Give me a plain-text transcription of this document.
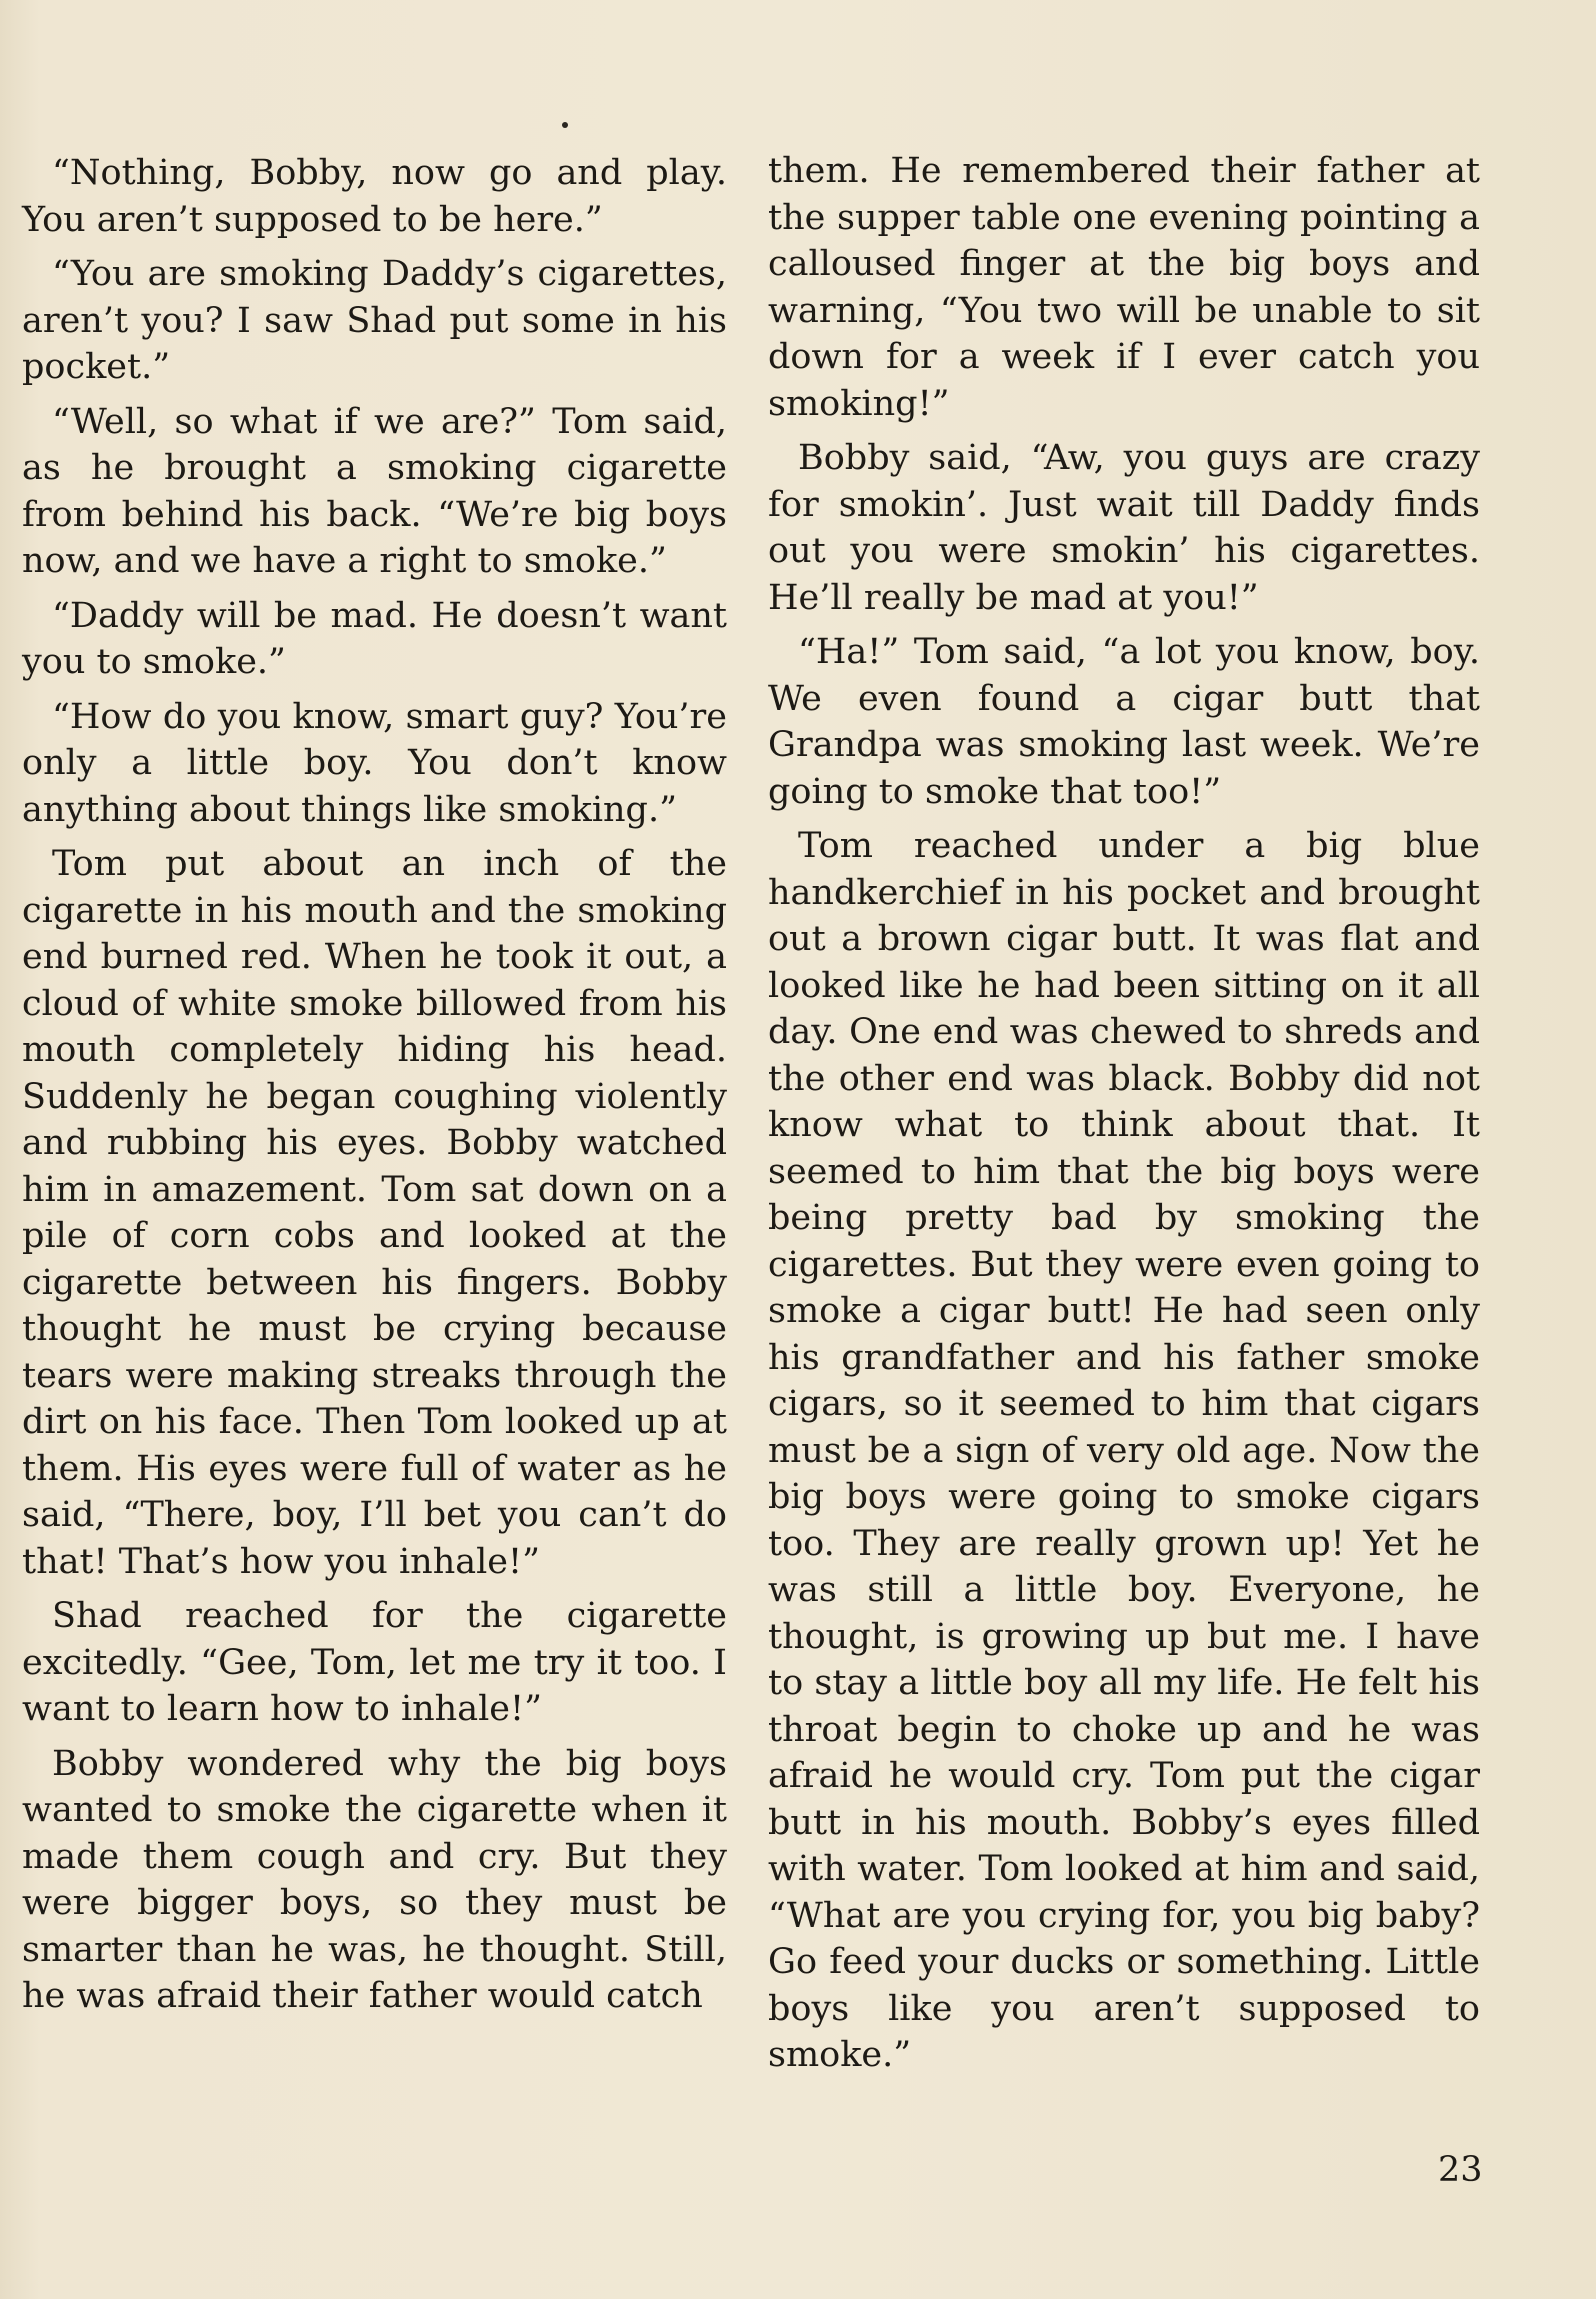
“Nothing, Bobby, now go and play. You aren’t supposed to be here.”

“You are smoking Daddy’s cigarettes, aren’t you? I saw Shad put some in his pocket.”

“Well, so what if we are?” Tom said, as he brought a smoking cigarette from behind his back. “We’re big boys now, and we have a right to smoke.”

“Daddy will be mad. He doesn’t want you to smoke.”

“How do you know, smart guy? You’re only a little boy. You don’t know anything about things like smoking.”

Tom put about an inch of the cigarette in his mouth and the smoking end burned red. When he took it out, a cloud of white smoke billowed from his mouth completely hiding his head. Suddenly he began coughing violently and rubbing his eyes. Bobby watched him in amazement. Tom sat down on a pile of corn cobs and looked at the cigarette between his fingers. Bobby thought he must be crying because tears were making streaks through the dirt on his face. Then Tom looked up at them. His eyes were full of water as he said, “There, boy, I’ll bet you can’t do that! That’s how you inhale!”

Shad reached for the cigarette excitedly. “Gee, Tom, let me try it too. I want to learn how to inhale!”

Bobby wondered why the big boys wanted to smoke the cigarette when it made them cough and cry. But they were bigger boys, so they must be smarter than he was, he thought. Still, he was afraid their father would catch

them. He remembered their father at the supper table one evening pointing a calloused finger at the big boys and warning, “You two will be unable to sit down for a week if I ever catch you smoking!”

Bobby said, “Aw, you guys are crazy for smokin’. Just wait till Daddy finds out you were smokin’ his cigarettes. He’ll really be mad at you!”

“Ha!” Tom said, “a lot you know, boy. We even found a cigar butt that Grandpa was smoking last week. We’re going to smoke that too!”

Tom reached under a big blue handkerchief in his pocket and brought out a brown cigar butt. It was flat and looked like he had been sitting on it all day. One end was chewed to shreds and the other end was black. Bobby did not know what to think about that. It seemed to him that the big boys were being pretty bad by smoking the cigarettes. But they were even going to smoke a cigar butt! He had seen only his grandfather and his father smoke cigars, so it seemed to him that cigars must be a sign of very old age. Now the big boys were going to smoke cigars too. They are really grown up! Yet he was still a little boy. Everyone, he thought, is growing up but me. I have to stay a little boy all my life. He felt his throat begin to choke up and he was afraid he would cry. Tom put the cigar butt in his mouth. Bobby’s eyes filled with water. Tom looked at him and said, “What are you crying for, you big baby? Go feed your ducks or something. Little boys like you aren’t supposed to smoke.”

23
